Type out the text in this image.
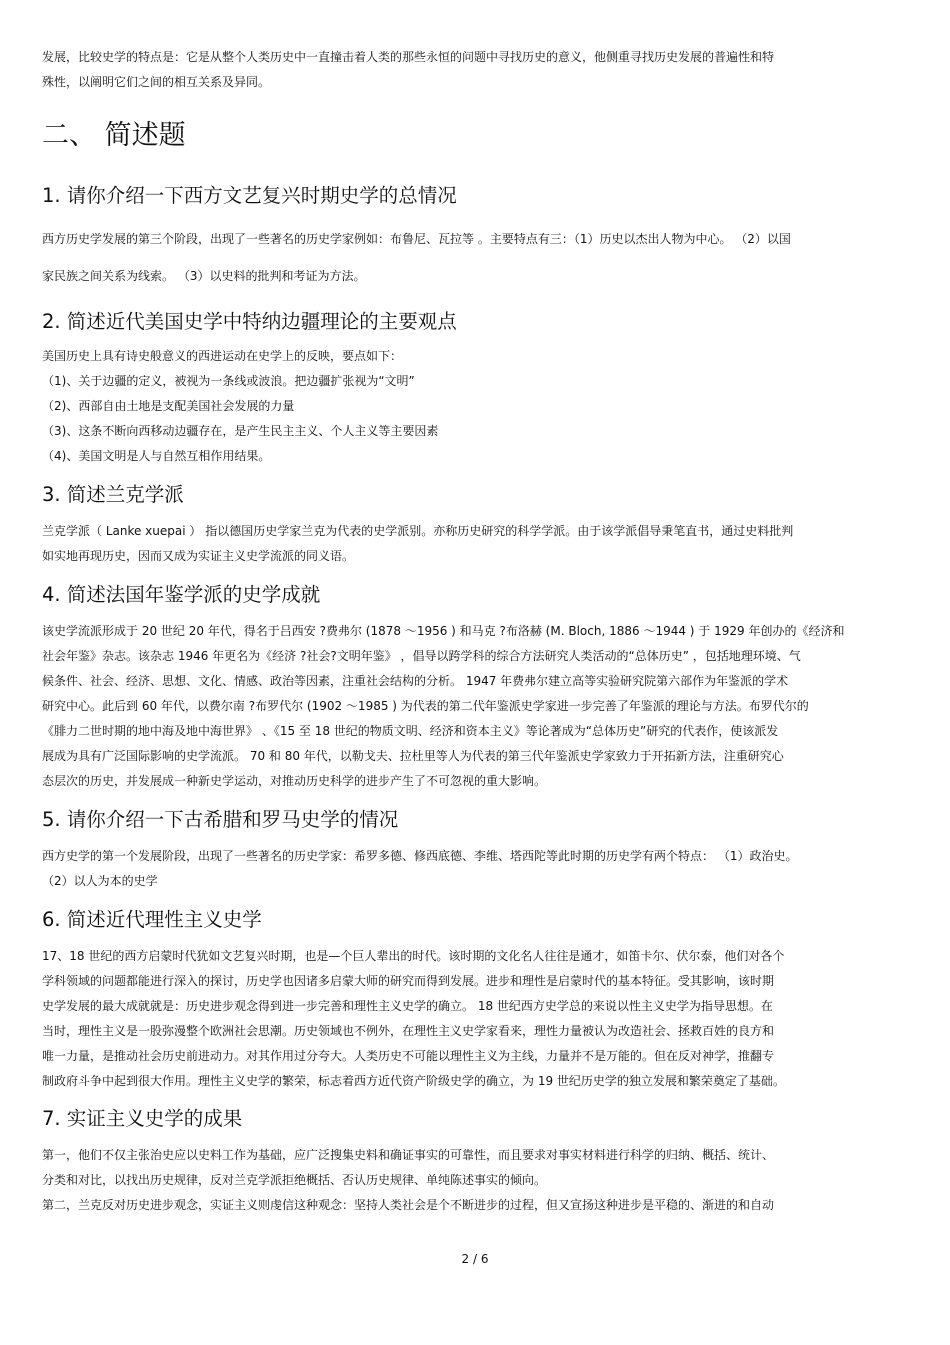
发展，比较史学的特点是：它是从整个人类历史中一直撞击着人类的那些永恒的问题中寻找历史的意义，他侧重寻找历史发展的普遍性和特
殊性，以阐明它们之间的相互关系及异同。
二、 简述题
1. 请你介绍一下西方文艺复兴时期史学的总情况
西方历史学发展的第三个阶段，出现了一些著名的历史学家例如：布鲁尼、瓦拉等 。主要特点有三：（1）历史以杰出人物为中心。 （2）以国
家民族之间关系为线索。 （3）以史料的批判和考证为方法。
2. 简述近代美国史学中特纳边疆理论的主要观点
美国历史上具有诗史般意义的西进运动在史学上的反映，要点如下：
（1)、关于边疆的定义，被视为一条线或波浪。把边疆扩张视为“文明”
（2)、西部自由土地是支配美国社会发展的力量
（3)、这条不断向西移动边疆存在，是产生民主主义、个人主义等主要因素
（4)、美国文明是人与自然互相作用结果。
3. 简述兰克学派
兰克学派（ Lanke xuepai ） 指以德国历史学家兰克为代表的史学派别。亦称历史研究的科学学派。由于该学派倡导秉笔直书，通过史料批判
如实地再现历史，因而又成为实证主义史学流派的同义语。
4. 简述法国年鉴学派的史学成就
该史学流派形成于 20 世纪 20 年代，得名于吕西安 ?费弗尔 (1878 ～1956 ) 和马克 ?布洛赫 (M. Bloch, 1886 ～1944 ) 于 1929 年创办的《经济和
社会年鉴》杂志。该杂志 1946 年更名为《经济 ?社会?文明年鉴》 ，倡导以跨学科的综合方法研究人类活动的“总体历史” ，包括地理环境、气
候条件、社会、经济、思想、文化、情感、政治等因素，注重社会结构的分析。 1947 年费弗尔建立高等实验研究院第六部作为年鉴派的学术
研究中心。此后到 60 年代，以费尔南 ?布罗代尔 (1902 ～1985 ) 为代表的第二代年鉴派史学家进一步完善了年鉴派的理论与方法。布罗代尔的
《腓力二世时期的地中海及地中海世界》 、《15 至 18 世纪的物质文明、经济和资本主义》等论著成为“总体历史”研究的代表作，使该派发
展成为具有广泛国际影响的史学流派。 70 和 80 年代，以勒戈夫、拉杜里等人为代表的第三代年鉴派史学家致力于开拓新方法，注重研究心
态层次的历史，并发展成一种新史学运动，对推动历史科学的进步产生了不可忽视的重大影响。
5. 请你介绍一下古希腊和罗马史学的情况
西方史学的第一个发展阶段，出现了一些著名的历史学家：希罗多德、修西底德、李维、塔西陀等此时期的历史学有两个特点： （1）政治史。
（2）以人为本的史学
6. 简述近代理性主义史学
17、18 世纪的西方启蒙时代犹如文艺复兴时期，也是—个巨人辈出的时代。该时期的文化名人往往是通才，如笛卡尔、伏尔泰，他们对各个
学科领域的问题都能进行深入的探讨，历史学也因诸多启蒙大师的研究而得到发展。进步和理性是启蒙时代的基本特征。受其影响，该时期
史学发展的最大成就就是：历史进步观念得到进一步完善和理性主义史学的确立。 18 世纪西方史学总的来说以性主义史学为指导思想。在
当时，理性主义是一股弥漫整个欧洲社会思潮。历史领域也不例外，在理性主义史学家看来，理性力量被认为改造社会、拯救百姓的良方和
唯一力量，是推动社会历史前进动力。对其作用过分夸大。人类历史不可能以理性主义为主线，力量并不是万能的。但在反对神学，推翻专
制政府斗争中起到很大作用。理性主义史学的繁荣，标志着西方近代资产阶级史学的确立，为 19 世纪历史学的独立发展和繁荣奠定了基础。
7. 实证主义史学的成果
第一，他们不仅主张治史应以史料工作为基础，应广泛搜集史料和确证事实的可靠性，而且要求对事实材料进行科学的归纳、概括、统计、
分类和对比，以找出历史规律，反对兰克学派拒绝概括、否认历史规律、单纯陈述事实的倾向。
第二，兰克反对历史进步观念，实证主义则虔信这种观念：坚持人类社会是个不断进步的过程，但又宣扬这种进步是平稳的、渐进的和自动
2 / 6
